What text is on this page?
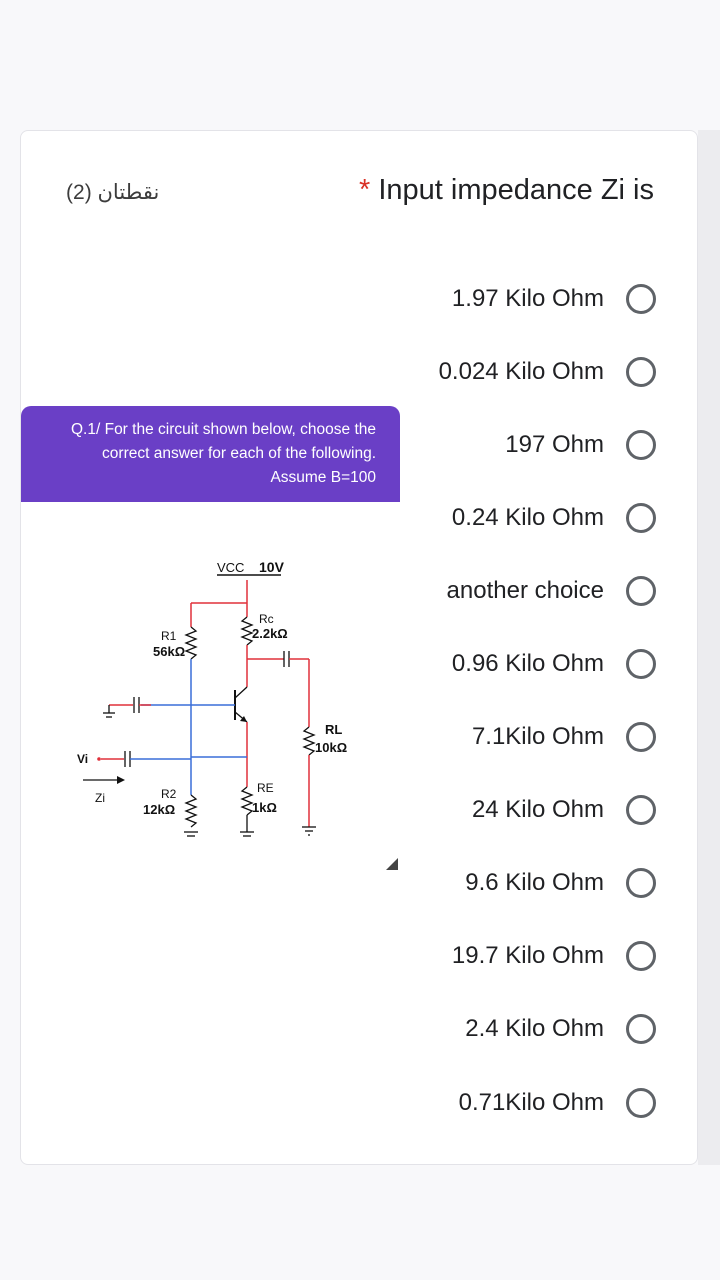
نقطتان (2)	* Input impedance Zi is
Q.1/ For the circuit shown below, choose the
correct answer for each of the following.
Assume B=100
VCC 10V
R1
56kΩ
Rc
2.2kΩ
RL
10kΩ
RE
1kΩ
Vi
Zi	R2
12kΩ
1.97 Kilo Ohm
0.024 Kilo Ohm
197 Ohm
0.24 Kilo Ohm
another choice
0.96 Kilo Ohm
7.1Kilo Ohm
24 Kilo Ohm
9.6 Kilo Ohm
19.7 Kilo Ohm
2.4 Kilo Ohm
0.71Kilo Ohm
